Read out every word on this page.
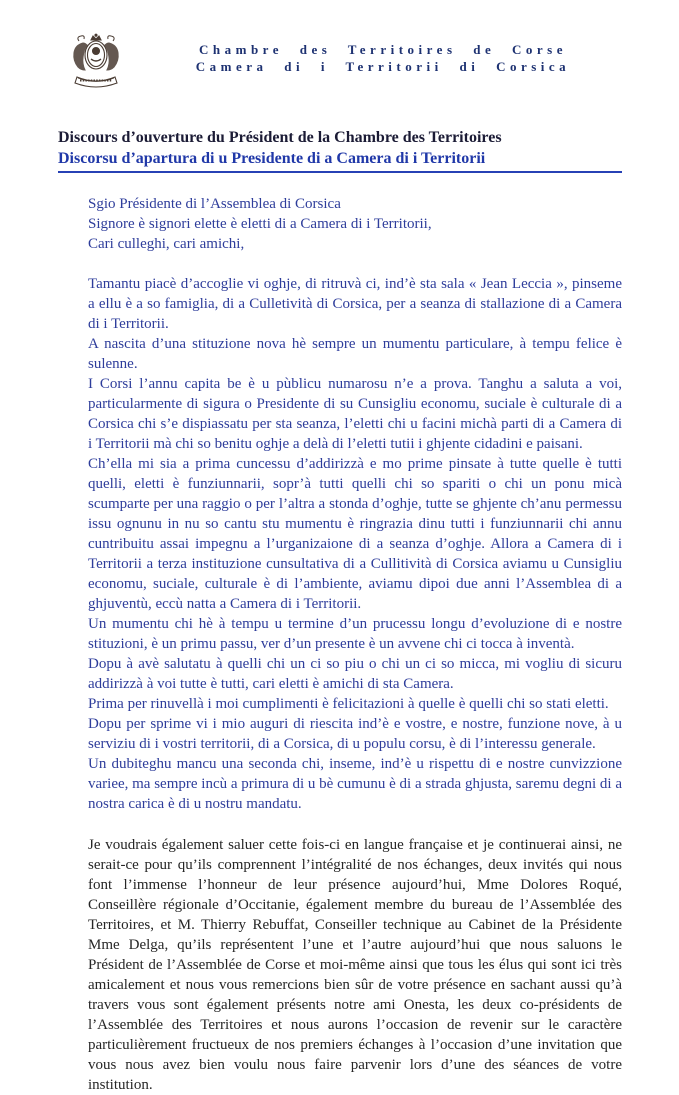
Chambre des Territoires de Corse
Camera di i Territorii di Corsica
Discours d’ouverture du Président de la Chambre des Territoires
Discorsu d’apartura di u Presidente di a Camera di i Territorii
Sgio Présidente di l’Assemblea di Corsica
Signore è signori elette è eletti di a Camera di i Territorii,
Cari culleghi, cari amichi,

Tamantu piacè d’accoglie vi oghje, di ritruvà ci, ind’è sta sala « Jean Leccia », pinseme a ellu è a so famiglia, di a Culletività di Corsica, per a seanza di stallazione di a Camera di i Territorii.

A nascita d’una stituzione nova hè sempre un mumentu particulare, à tempu felice è sulenne.

I Corsi l’annu capita be è u pùblicu numarosu n’e a prova. Tanghu a saluta a voi, particularmente di sigura o Presidente di su Cunsigliu economu, suciale è culturale di a Corsica chi s’e dispiassatu per sta seanza, l’eletti chi u facini michà parti di a Camera di i Territorii mà chi so benitu oghje a delà di l’eletti tutii i ghjente cidadini e paisani.

Ch’ella mi sia a prima cuncessu d’addirizzà e mo prime pinsate à tutte quelle è tutti quelli, eletti è funziunnarii, sopr’à tutti quelli chi so spariti o chi un ponu micà scumparte per una raggio o per l’altra a stonda d’oghje, tutte se ghjente ch’anu permessu issu ognunu in nu so cantu stu mumentu è ringrazia dinu tutti i funziunnarii chi annu cuntribuitu assai impegnu a l’urganizaione di a seanza d’oghje. Allora a Camera di i Territorii a terza instituzione cunsultativa di a Cullitività di Corsica aviamu u Cunsigliu economu, suciale, culturale è di l’ambiente, aviamu dipoi due anni l’Assemblea di a ghjuventù, eccù natta a Camera di i Territorii.

Un mumentu chi hè à tempu u termine d’un prucessu longu d’evoluzione di e nostre stituzioni, è un primu passu, ver d’un presente è un avvene chi ci tocca à inventà.

Dopu à avè salutatu à quelli chi un ci so piu o chi un ci so micca, mi vogliu di sicuru addirizzà à voi tutte è tutti, cari eletti è amichi di sta Camera.

Prima per rinuvellà i moi cumplimenti è felicitazioni à quelle è quelli chi so stati eletti.

Dopu per sprime vi i mio auguri di riescita ind’è e vostre, e nostre, funzione nove, à u serviziu di i vostri territorii, di a Corsica, di u populu corsu, è di l’interessu generale.

Un dubiteghu mancu una seconda chi, inseme, ind’è u rispettu di e nostre cunvizzione variee, ma sempre incù a primura di u bè cumunu è di a strada ghjusta, saremu degni di a nostra carica è di u nostru mandatu.

Je voudrais également saluer cette fois-ci en langue française et je continuerai ainsi, ne serait-ce pour qu’ils comprennent l’intégralité de nos échanges, deux invités qui nous font l’immense l’honneur de leur présence aujourd’hui, Mme Dolores Roqué, Conseillère régionale d’Occitanie, également membre du bureau de l’Assemblée des Territoires, et M. Thierry Rebuffat, Conseiller technique au Cabinet de la Présidente Mme Delga, qu’ils représentent l’une et l’autre aujourd’hui que nous saluons le Président de l’Assemblée de Corse et moi-même ainsi que tous les élus qui sont ici très amicalement et nous vous remercions bien sûr de votre présence en sachant aussi qu’à travers vous sont également présents notre ami Onesta, les deux co-présidents de l’Assemblée des Territoires et nous aurons l’occasion de revenir sur le caractère particulièrement fructueux de nos premiers échanges à l’occasion d’une invitation que vous nous avez bien voulu nous faire parvenir lors d’une des séances de votre institution.
